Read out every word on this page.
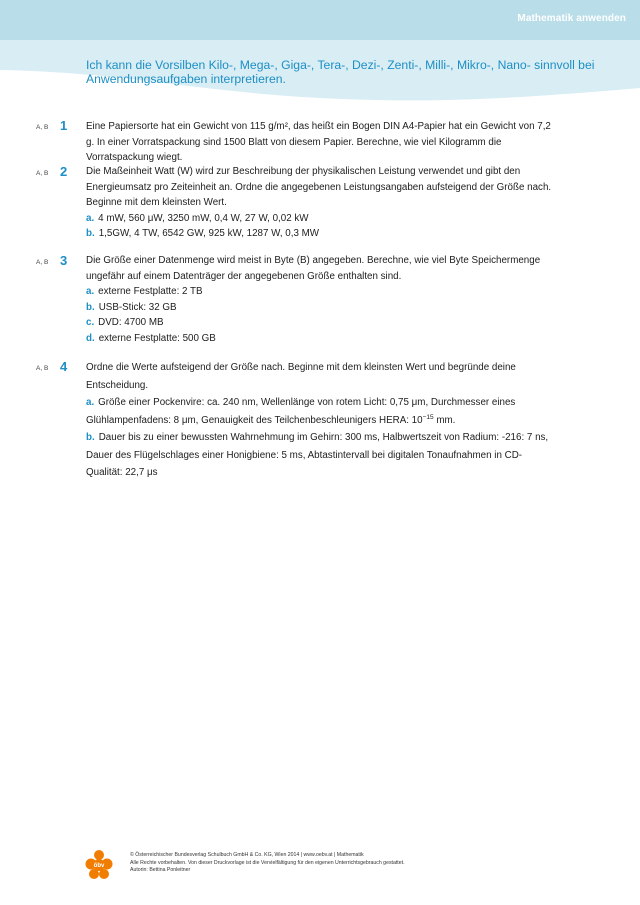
Mathematik anwenden
Ich kann die Vorsilben Kilo-, Mega-, Giga-, Tera-, Dezi-, Zenti-, Milli-, Mikro-, Nano- sinnvoll bei Anwendungsaufgaben interpretieren.
A, B 1 Eine Papiersorte hat ein Gewicht von 115 g/m², das heißt ein Bogen DIN A4-Papier hat ein Gewicht von 7,2 g. In einer Vorratspackung sind 1500 Blatt von diesem Papier. Berechne, wie viel Kilogramm die Vorratspackung wiegt.
A, B 2 Die Maßeinheit Watt (W) wird zur Beschreibung der physikalischen Leistung verwendet und gibt den Energieumsatz pro Zeiteinheit an. Ordne die angegebenen Leistungsangaben aufsteigend der Größe nach. Beginne mit dem kleinsten Wert.
a. 4 mW, 560 μW, 3250 mW, 0,4 W, 27 W, 0,02 kW
b. 1,5GW, 4 TW, 6542 GW, 925 kW, 1287 W, 0,3 MW
A, B 3 Die Größe einer Datenmenge wird meist in Byte (B) angegeben. Berechne, wie viel Byte Speichermenge ungefähr auf einem Datenträger der angegebenen Größe enthalten sind.
a. externe Festplatte: 2 TB
b. USB-Stick: 32 GB
c. DVD: 4700 MB
d. externe Festplatte: 500 GB
A, B 4 Ordne die Werte aufsteigend der Größe nach. Beginne mit dem kleinsten Wert und begründe deine Entscheidung.
a. Größe einer Pockenvire: ca. 240 nm, Wellenlänge von rotem Licht: 0,75 μm, Durchmesser eines Glühlampenfadens: 8 μm, Genauigkeit des Teilchenbeschleunigers HERA: $10^{-15}$ mm.
b. Dauer bis zu einer bewussten Wahrnehmung im Gehirn: 300 ms, Halbwertszeit von Radium: -216: 7 ns, Dauer des Flügelschlages einer Honigbiene: 5 ms, Abtastintervall bei digitalen Tonaufnahmen in CD-Qualität: 22,7 μs
öbv
© Österreichischer Bundesverlag Schulbuch GmbH & Co. KG, Wien 2014 | www.oebv.at | Mathematik
Alle Rechte vorbehalten. Von dieser Druckvorlage ist die Vervielfältigung für den eigenen Unterrichtsgebrauch gestattet.
Autorin: Bettina Ponleitner
